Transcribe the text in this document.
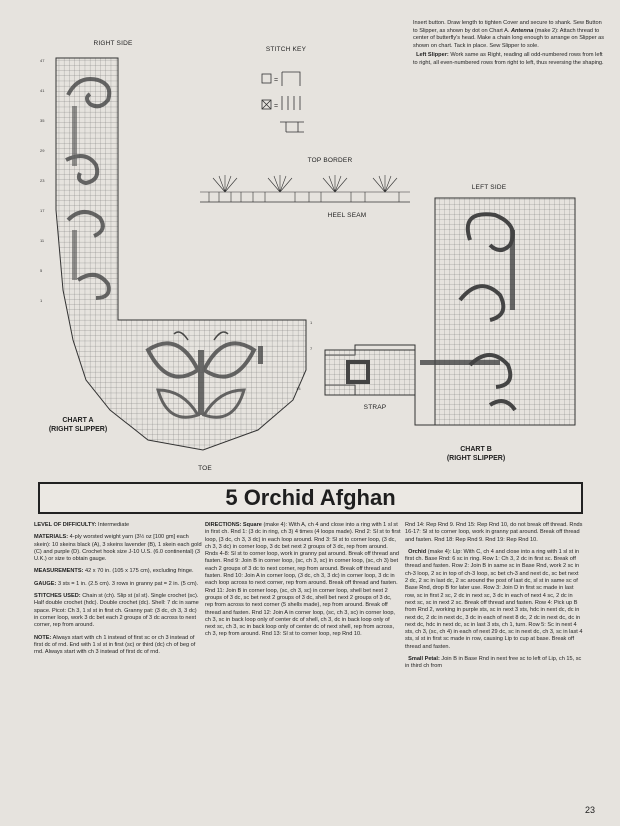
47
41
35
29
23
17
11
5
1
1
7
13
RIGHT SIDE
CHART A
(RIGHT SLIPPER)
TOE
STITCH KEY
=
=
TOP BORDER
HEEL SEAM
LEFT SIDE
STRAP
CHART B
(RIGHT SLIPPER)

Insert button. Draw length to tighten Cover and secure to shank. Sew Button to Slipper, as shown by dot on Chart A. Antenna (make 2): Attach thread to center of butterfly's head. Make a chain long enough to arrange on Slipper as shown on chart. Tack in place. Sew Slipper to sole.

Left Slipper: Work same as Right, reading all odd-numbered rows from left to right, all even-numbered rows from right to left, thus reversing the shaping.

5 Orchid Afghan

LEVEL OF DIFFICULTY: Intermediate

MATERIALS: 4-ply worsted weight yarn (3½ oz [100 gm] each skein): 10 skeins black (A), 3 skeins lavender (B), 1 skein each gold (C) and purple (D). Crochet hook size J-10 U.S. (6.0 continental) (3 U.K.) or size to obtain gauge.

MEASUREMENTS: 42 x 70 in. (105 x 175 cm), excluding fringe.

GAUGE: 3 sts = 1 in. (2.5 cm). 3 rows in granny pat = 2 in. (5 cm).

STITCHES USED: Chain st (ch). Slip st (sl st). Single crochet (sc). Half double crochet (hdc). Double crochet (dc). Shell: 7 dc in same space. Picot: Ch 3, 1 sl st in first ch. Granny pat: (3 dc, ch 3, 3 dc) in corner loop, work 3 dc bet each 2 groups of 3 dc across to next corner, rep from around.

NOTE: Always start with ch 1 instead of first sc or ch 3 instead of first dc of rnd. End with 1 sl st in first (sc) or third (dc) ch of beg of rnd. Always start with ch 3 instead of first dc of rnd.

DIRECTIONS: Square (make 4): With A, ch 4 and close into a ring with 1 sl st in first ch. Rnd 1: (3 dc in ring, ch 3) 4 times (4 loops made). Rnd 2: Sl st to first loop, (3 dc, ch 3, 3 dc) in each loop around. Rnd 3: Sl st to corner loop, (3 dc, ch 3, 3 dc) in corner loop, 3 dc bet next 2 groups of 3 dc, rep from around. Rnds 4-8: Sl st to corner loop, work in granny pat around. Break off thread and fasten. Rnd 9: Join B in corner loop, (sc, ch 3, sc) in corner loop, (sc, ch 3) bet each 2 groups of 3 dc to next corner, rep from around. Break off thread and fasten. Rnd 10: Join A in corner loop, (3 dc, ch 3, 3 dc) in corner loop, 3 dc in each loop across to next corner, rep from around. Break off thread and fasten. Rnd 11: Join B in corner loop, (sc, ch 3, sc) in corner loop, shell bet next 2 groups of 3 dc, sc bet next 2 groups of 3 dc, shell bet next 2 groups of 3 dc, rep from across to next corner (5 shells made), rep from around. Break off thread and fasten. Rnd 12: Join A in corner loop, (sc, ch 3, sc) in corner loop, ch 3, sc in back loop only of center dc of shell, ch 3, dc in back loop only of next sc, ch 3, sc in back loop only of center dc of next shell, rep from across, ch 3, rep from around. Rnd 13: Sl st to corner loop, rep Rnd 10.

Rnd 14: Rep Rnd 9. Rnd 15: Rep Rnd 10, do not break off thread. Rnds 16-17: Sl st to corner loop, work in granny pat around. Break off thread and fasten. Rnd 18: Rep Rnd 9. Rnd 19: Rep Rnd 10.

Orchid (make 4): Lip: With C, ch 4 and close into a ring with 1 sl st in first ch. Base Rnd: 6 sc in ring. Row 1: Ch 3, 2 dc in first sc. Break off thread and fasten. Row 2: Join B in same sc in Base Rnd, work 2 sc in ch-3 loop, 2 sc in top of ch-3 loop, sc bet ch-3 and next dc, sc bet next 2 dc, 2 sc in last dc, 2 sc around the post of last dc, sl st in same sc of Base Rnd, drop B for later use. Row 3: Join D in first sc made in last row, sc in first 2 sc, 2 dc in next sc, 3 dc in each of next 4 sc, 2 dc in next sc, sc in next 2 sc. Break off thread and fasten. Row 4: Pick up B from Rnd 2, working in purple sts, sc in next 3 sts, hdc in next dc, dc in next dc, 2 dc in next dc, 3 dc in each of next 8 dc, 2 dc in next dc, dc in next dc, hdc in next dc, sc in last 3 sts, ch 1, turn. Row 5: Sc in next 4 sts, ch 3, (sc, ch 4) in each of next 29 dc, sc in next dc, ch 3, sc in last 4 sts, sl st in first sc made in row, causing Lip to cup at base. Break off thread and fasten.

Small Petal: Join B in Base Rnd in next free sc to left of Lip, ch 15, sc in third ch from

23
